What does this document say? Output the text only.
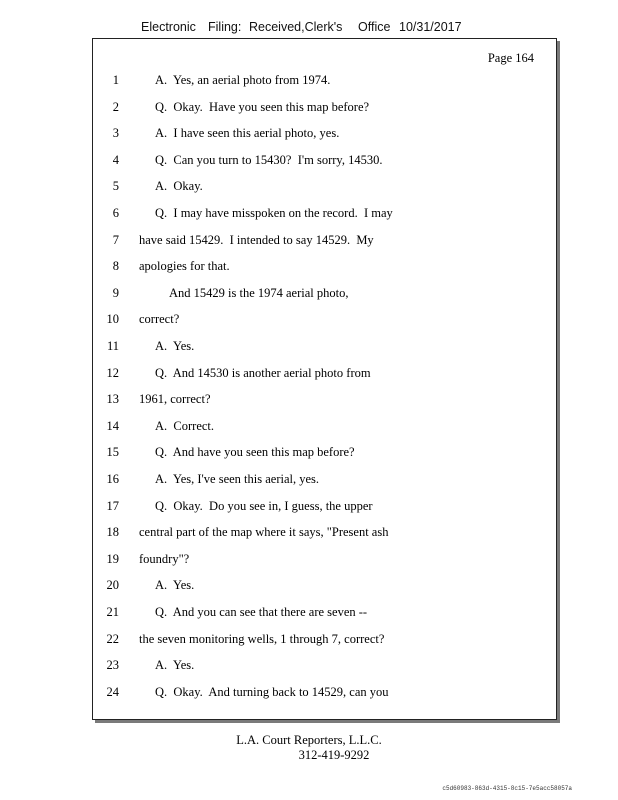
Electronic Filing: Received,Clerk's Office 10/31/2017
Page 164
1	A.  Yes, an aerial photo from 1974.
2	Q.  Okay.  Have you seen this map before?
3	A.  I have seen this aerial photo, yes.
4	Q.  Can you turn to 15430?  I'm sorry, 14530.
5	A.  Okay.
6	Q.  I may have misspoken on the record.  I may
7 have said 15429.  I intended to say 14529.  My
8 apologies for that.
9	And 15429 is the 1974 aerial photo,
10 correct?
11	A.  Yes.
12	Q.  And 14530 is another aerial photo from
13 1961, correct?
14	A.  Correct.
15	Q.  And have you seen this map before?
16	A.  Yes, I've seen this aerial, yes.
17	Q.  Okay.  Do you see in, I guess, the upper
18 central part of the map where it says, "Present ash
19 foundry"?
20	A.  Yes.
21	Q.  And you can see that there are seven --
22 the seven monitoring wells, 1 through 7, correct?
23	A.  Yes.
24	Q.  Okay.  And turning back to 14529, can you
L.A. Court Reporters, L.L.C.
312-419-9292
c5d60983-863d-4315-8c15-7e5acc58057a
